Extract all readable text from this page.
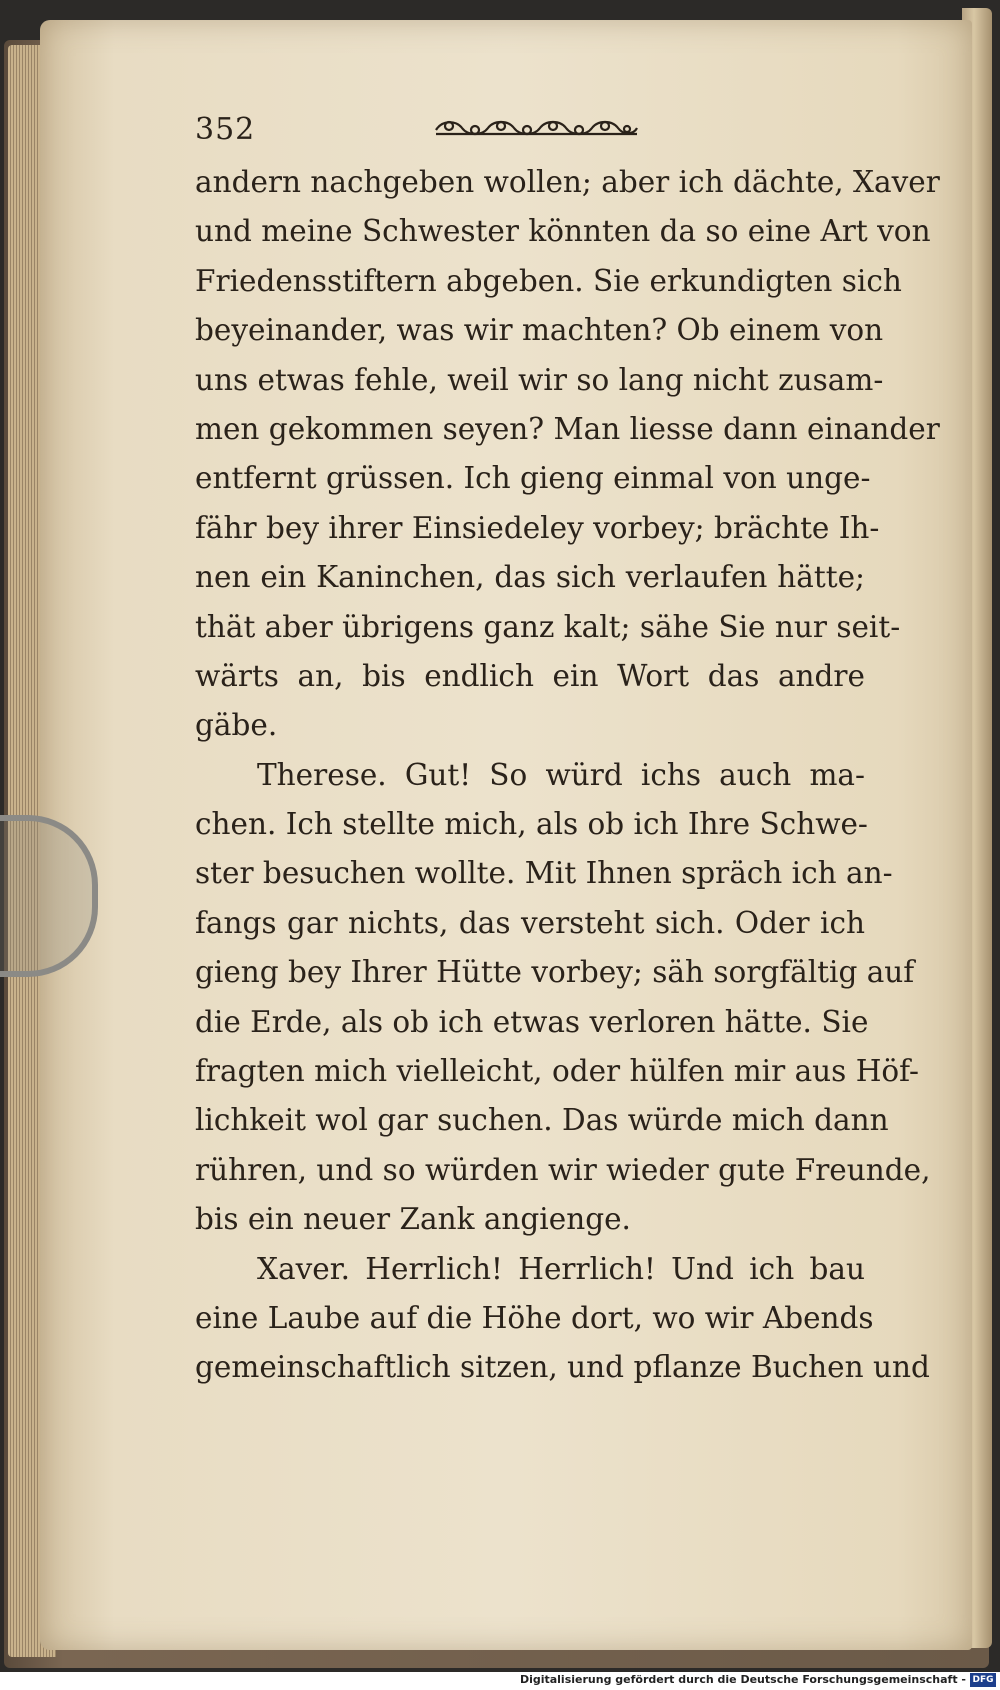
352
andern nachgeben wollen; aber ich dächte, Xaver
und meine Schwester könnten da so eine Art von
Friedensstiftern abgeben. Sie erkundigten sich
beyeinander, was wir machten? Ob einem von
uns etwas fehle, weil wir so lang nicht zusam-
men gekommen seyen? Man liesse dann einander
entfernt grüssen. Ich gieng einmal von unge-
fähr bey ihrer Einsiedeley vorbey; brächte Ih-
nen ein Kaninchen, das sich verlaufen hätte;
thät aber übrigens ganz kalt; sähe Sie nur seit-
wärts an, bis endlich ein Wort das andre
gäbe.
Therese. Gut! So würd ichs auch ma-
chen. Ich stellte mich, als ob ich Ihre Schwe-
ster besuchen wollte. Mit Ihnen spräch ich an-
fangs gar nichts, das versteht sich. Oder ich
gieng bey Ihrer Hütte vorbey; säh sorgfältig auf
die Erde, als ob ich etwas verloren hätte. Sie
fragten mich vielleicht, oder hülfen mir aus Höf-
lichkeit wol gar suchen. Das würde mich dann
rühren, und so würden wir wieder gute Freunde,
bis ein neuer Zank angienge.
Xaver. Herrlich! Herrlich! Und ich bau
eine Laube auf die Höhe dort, wo wir Abends
gemeinschaftlich sitzen, und pflanze Buchen und
Digitalisierung gefördert durch die Deutsche Forschungsgemeinschaft - DFG
